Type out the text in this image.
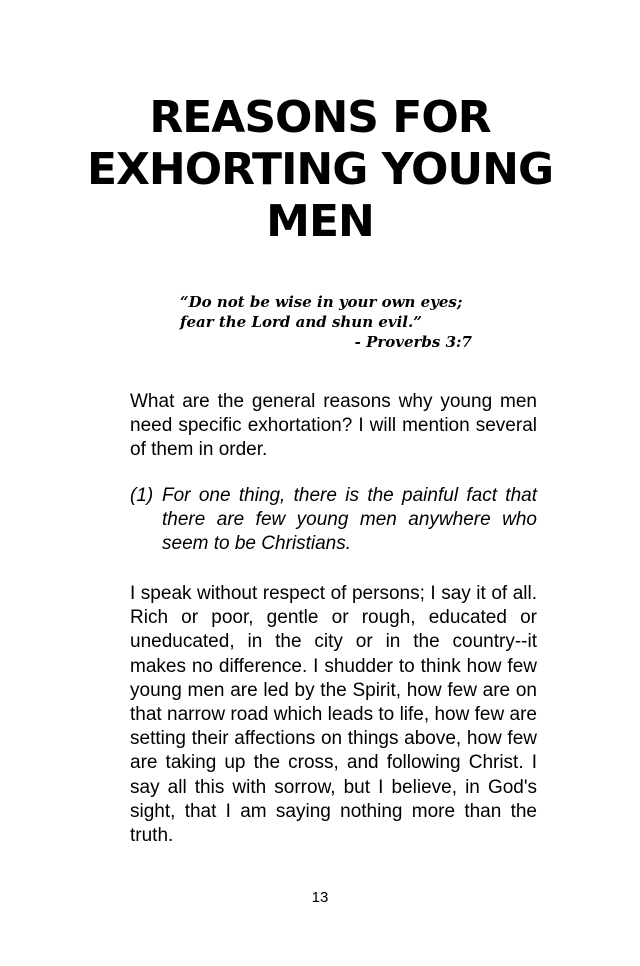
REASONS FOR
EXHORTING YOUNG
MEN
“Do not be wise in your own eyes; fear the Lord and shun evil.”
- Proverbs 3:7

What are the general reasons why young men need specific exhortation? I will mention several of them in order.

(1) For one thing, there is the painful fact that there are few young men anywhere who seem to be Christians.

I speak without respect of persons; I say it of all. Rich or poor, gentle or rough, educated or uneducated, in the city or in the country--it makes no difference. I shudder to think how few young men are led by the Spirit, how few are on that narrow road which leads to life, how few are setting their affections on things above, how few are taking up the cross, and following Christ. I say all this with sorrow, but I believe, in God's sight, that I am saying nothing more than the truth.

13
